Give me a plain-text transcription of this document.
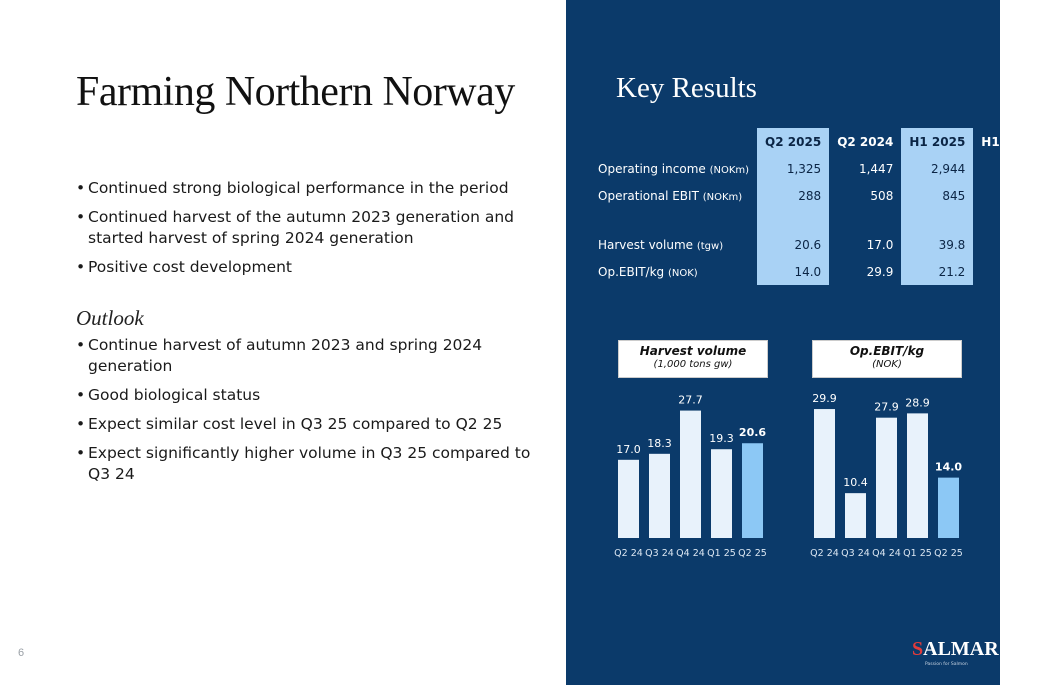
Farming Northern Norway
• Continued strong biological performance in the period
• Continued harvest of the autumn 2023 generation and started harvest of spring 2024 generation
• Positive cost development
Outlook
• Continue harvest of autumn 2023 and spring 2024 generation
• Good biological status
• Expect similar cost level in Q3 25 compared to Q2 25
• Expect significantly higher volume in Q3 25 compared to Q3 24
6
Key Results
	Q2 2025	Q2 2024	H1 2025	H1 2024
Operating income (NOKm)	1,325	1,447	2,944	2,902
Operational EBIT (NOKm)	288	508	845	984

Harvest volume (tgw)	20.6	17.0	39.8	34.6
Op.EBIT/kg (NOK)	14.0	29.9	21.2	28.5
Harvest volume
(1,000 tons gw)
Op.EBIT/kg
(NOK)
17.0
Q2 24
18.3
Q3 24
27.7
Q4 24
19.3
Q1 25
20.6
Q2 25
29.9
Q2 24
10.4
Q3 24
27.9
Q4 24
28.9
Q1 25
14.0
Q2 25
SALMAR
Passion for Salmon
